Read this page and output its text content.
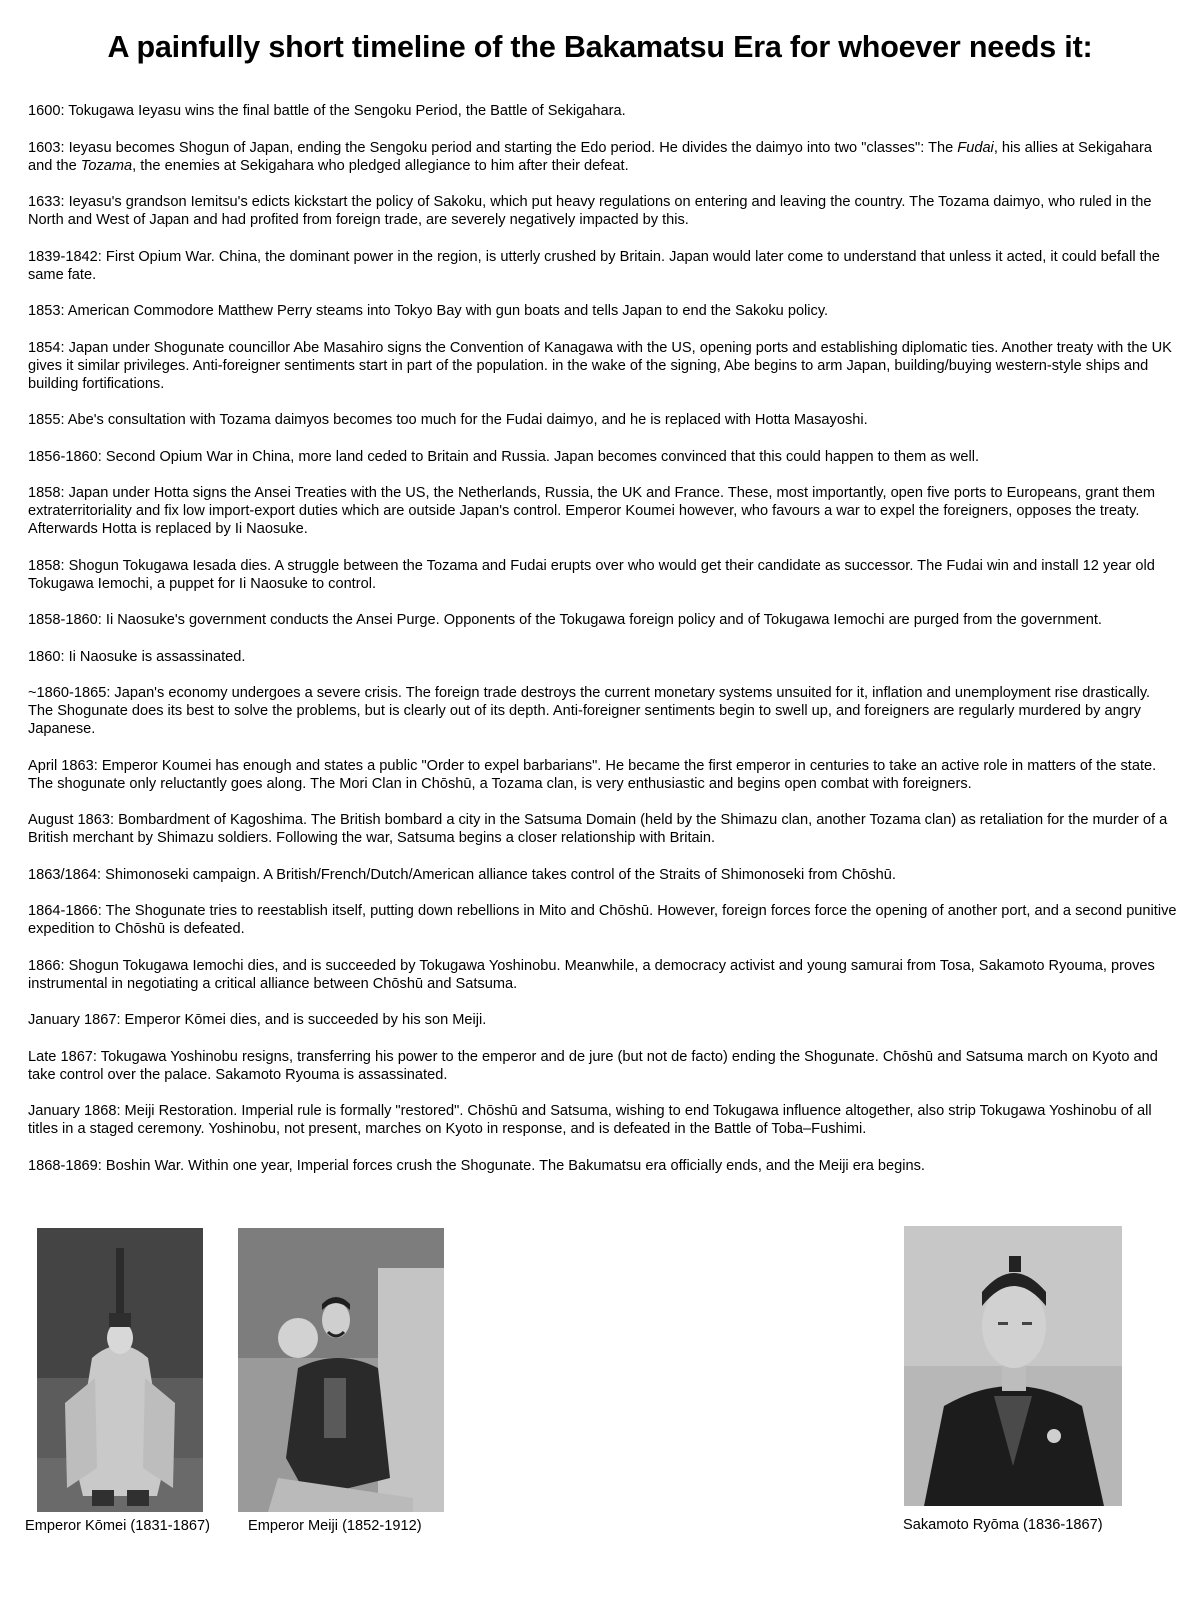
A painfully short timeline of the Bakamatsu Era for whoever needs it:

1600: Tokugawa Ieyasu wins the final battle of the Sengoku Period, the Battle of Sekigahara.

1603: Ieyasu becomes Shogun of Japan, ending the Sengoku period and starting the Edo period. He divides the daimyo into two "classes": The Fudai, his allies at Sekigahara and the Tozama, the enemies at Sekigahara who pledged allegiance to him after their defeat.

1633: Ieyasu's grandson Iemitsu's edicts kickstart the policy of Sakoku, which put heavy regulations on entering and leaving the country. The Tozama daimyo, who ruled in the North and West of Japan and had profited from foreign trade, are severely negatively impacted by this.

1839-1842: First Opium War. China, the dominant power in the region, is utterly crushed by Britain. Japan would later come to understand that unless it acted, it could befall the same fate.

1853: American Commodore Matthew Perry steams into Tokyo Bay with gun boats and tells Japan to end the Sakoku policy.

1854: Japan under Shogunate councillor Abe Masahiro signs the Convention of Kanagawa with the US, opening ports and establishing diplomatic ties. Another treaty with the UK gives it similar privileges. Anti-foreigner sentiments start in part of the population. in the wake of the signing, Abe begins to arm Japan, building/buying western-style ships and building fortifications.

1855: Abe's consultation with Tozama daimyos becomes too much for the Fudai daimyo, and he is replaced with Hotta Masayoshi.

1856-1860: Second Opium War in China, more land ceded to Britain and Russia. Japan becomes convinced that this could happen to them as well.

1858: Japan under Hotta signs the Ansei Treaties with the US, the Netherlands, Russia, the UK and France. These, most importantly, open five ports to Europeans, grant them extraterritoriality and fix low import-export duties which are outside Japan's control. Emperor Koumei however, who favours a war to expel the foreigners, opposes the treaty. Afterwards Hotta is replaced by Ii Naosuke.

1858: Shogun Tokugawa Iesada dies. A struggle between the Tozama and Fudai erupts over who would get their candidate as successor. The Fudai win and install 12 year old Tokugawa Iemochi, a puppet for Ii Naosuke to control.

1858-1860: Ii Naosuke's government conducts the Ansei Purge. Opponents of the Tokugawa foreign policy and of Tokugawa Iemochi are purged from the government.

1860: Ii Naosuke is assassinated.

~1860-1865: Japan's economy undergoes a severe crisis. The foreign trade destroys the current monetary systems unsuited for it, inflation and unemployment rise drastically. The Shogunate does its best to solve the problems, but is clearly out of its depth. Anti-foreigner sentiments begin to swell up, and foreigners are regularly murdered by angry Japanese.

April 1863: Emperor Koumei has enough and states a public "Order to expel barbarians". He became the first emperor in centuries to take an active role in matters of the state. The shogunate only reluctantly goes along. The Mori Clan in Chōshū, a Tozama clan, is very enthusiastic and begins open combat with foreigners.

August 1863: Bombardment of Kagoshima. The British bombard a city in the Satsuma Domain (held by the Shimazu clan, another Tozama clan) as retaliation for the murder of a British merchant by Shimazu soldiers. Following the war, Satsuma begins a closer relationship with Britain.

1863/1864: Shimonoseki campaign. A British/French/Dutch/American alliance takes control of the Straits of Shimonoseki from Chōshū.

1864-1866: The Shogunate tries to reestablish itself, putting down rebellions in Mito and Chōshū. However, foreign forces force the opening of another port, and a second punitive expedition to Chōshū is defeated.

1866: Shogun Tokugawa Iemochi dies, and is succeeded by Tokugawa Yoshinobu. Meanwhile, a democracy activist and young samurai from Tosa, Sakamoto Ryouma, proves instrumental in negotiating a critical alliance between Chōshū and Satsuma.

January 1867: Emperor Kōmei dies, and is succeeded by his son Meiji.

Late 1867: Tokugawa Yoshinobu resigns, transferring his power to the emperor and de jure (but not de facto) ending the Shogunate. Chōshū and Satsuma march on Kyoto and take control over the palace. Sakamoto Ryouma is assassinated.

January 1868: Meiji Restoration. Imperial rule is formally "restored". Chōshū and Satsuma, wishing to end Tokugawa influence altogether, also strip Tokugawa Yoshinobu of all titles in a staged ceremony. Yoshinobu, not present, marches on Kyoto in response, and is defeated in the Battle of Toba–Fushimi.

1868-1869: Boshin War. Within one year, Imperial forces crush the Shogunate. The Bakumatsu era officially ends, and the Meiji era begins.

Emperor Kōmei (1831-1867)	Emperor Meiji (1852-1912)	Sakamoto Ryōma (1836-1867)
